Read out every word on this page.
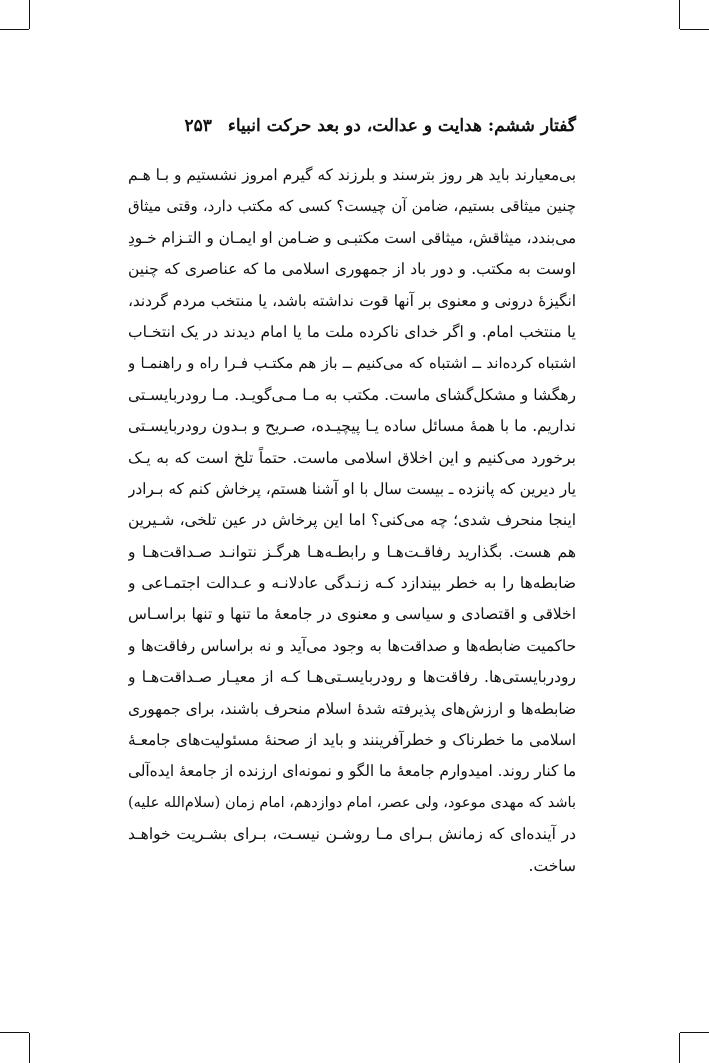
گفتار ششم: هدایت و عدالت، دو بعد حرکت انبیاء
۲۵۳
بی‌معیارند باید هر روز بترسند و بلرزند که گیرم امروز نشستیم و بـا هـم
چنین میثاقی بستیم، ضامن آن چیست؟ کسی که مکتب دارد، وقتی میثاق
می‌بندد، میثاقش، میثاقی است مکتبـی و ضـامن او ایمـان و التـزام خـودِ
اوست به مکتب. و دور باد از جمهوری اسلامی ما که عناصری که چنین
انگیزهٔ درونی و معنوی بر آنها قوت نداشته باشد، یا منتخب مردم گردند،
یا منتخب امام. و اگر خدای ناکرده ملت ما یا امام دیدند در یک انتخـاب
اشتباه کرده‌اند ــ اشتباه که می‌کنیم ــ باز هم مکتـب فـرا راه و راهنمـا و
رهگشا و مشکل‌گشای ماست. مکتب به مـا مـی‌گویـد. مـا رودربایسـتی
نداریم. ما با همهٔ مسائل ساده یـا پیچیـده، صـریح و بـدون رودربایسـتی
برخورد می‌کنیم و این اخلاق اسلامی ماست. حتماً تلخ است که به یـک
یار دیرین که پانزده ـ بیست سال با او آشنا هستم، پرخاش کنم که بـرادر
اینجا منحرف شدی؛ چه می‌کنی؟ اما این پرخاش در عین تلخی، شـیرین
هم هست. بگذارید رفاقـت‌هـا و رابطـه‌هـا هرگـز نتوانـد صـداقت‌هـا و
ضابطه‌ها را به خطر بیندازد کـه زنـدگی عادلانـه و عـدالت اجتمـاعی و
اخلاقی و اقتصادی و سیاسی و معنوی در جامعهٔ ما تنها و تنها براسـاس
حاکمیت ضابطه‌ها و صداقت‌ها به وجود می‌آید و نه براساس رفاقت‌ها و
رودربایستی‌ها. رفاقت‌ها و رودربایسـتی‌هـا کـه از معیـار صـداقت‌هـا و
ضابطه‌ها و ارزش‌های پذیرفته شدهٔ اسلام منحرف باشند، برای جمهوری
اسلامی ما خطرناک و خطرآفرینند و باید از صحنهٔ مسئولیت‌های جامعـهٔ
ما کنار روند. امیدوارم جامعهٔ ما الگو و نمونه‌ای ارزنده از جامعهٔ ایده‌آلی
باشد که مهدی موعود، ولی عصر، امام دوازدهم، امام زمان (سلام‌الله علیه)
در آینده‌ای که زمانش بـرای مـا روشـن نیسـت، بـرای بشـریت خواهـد
ساخت.
